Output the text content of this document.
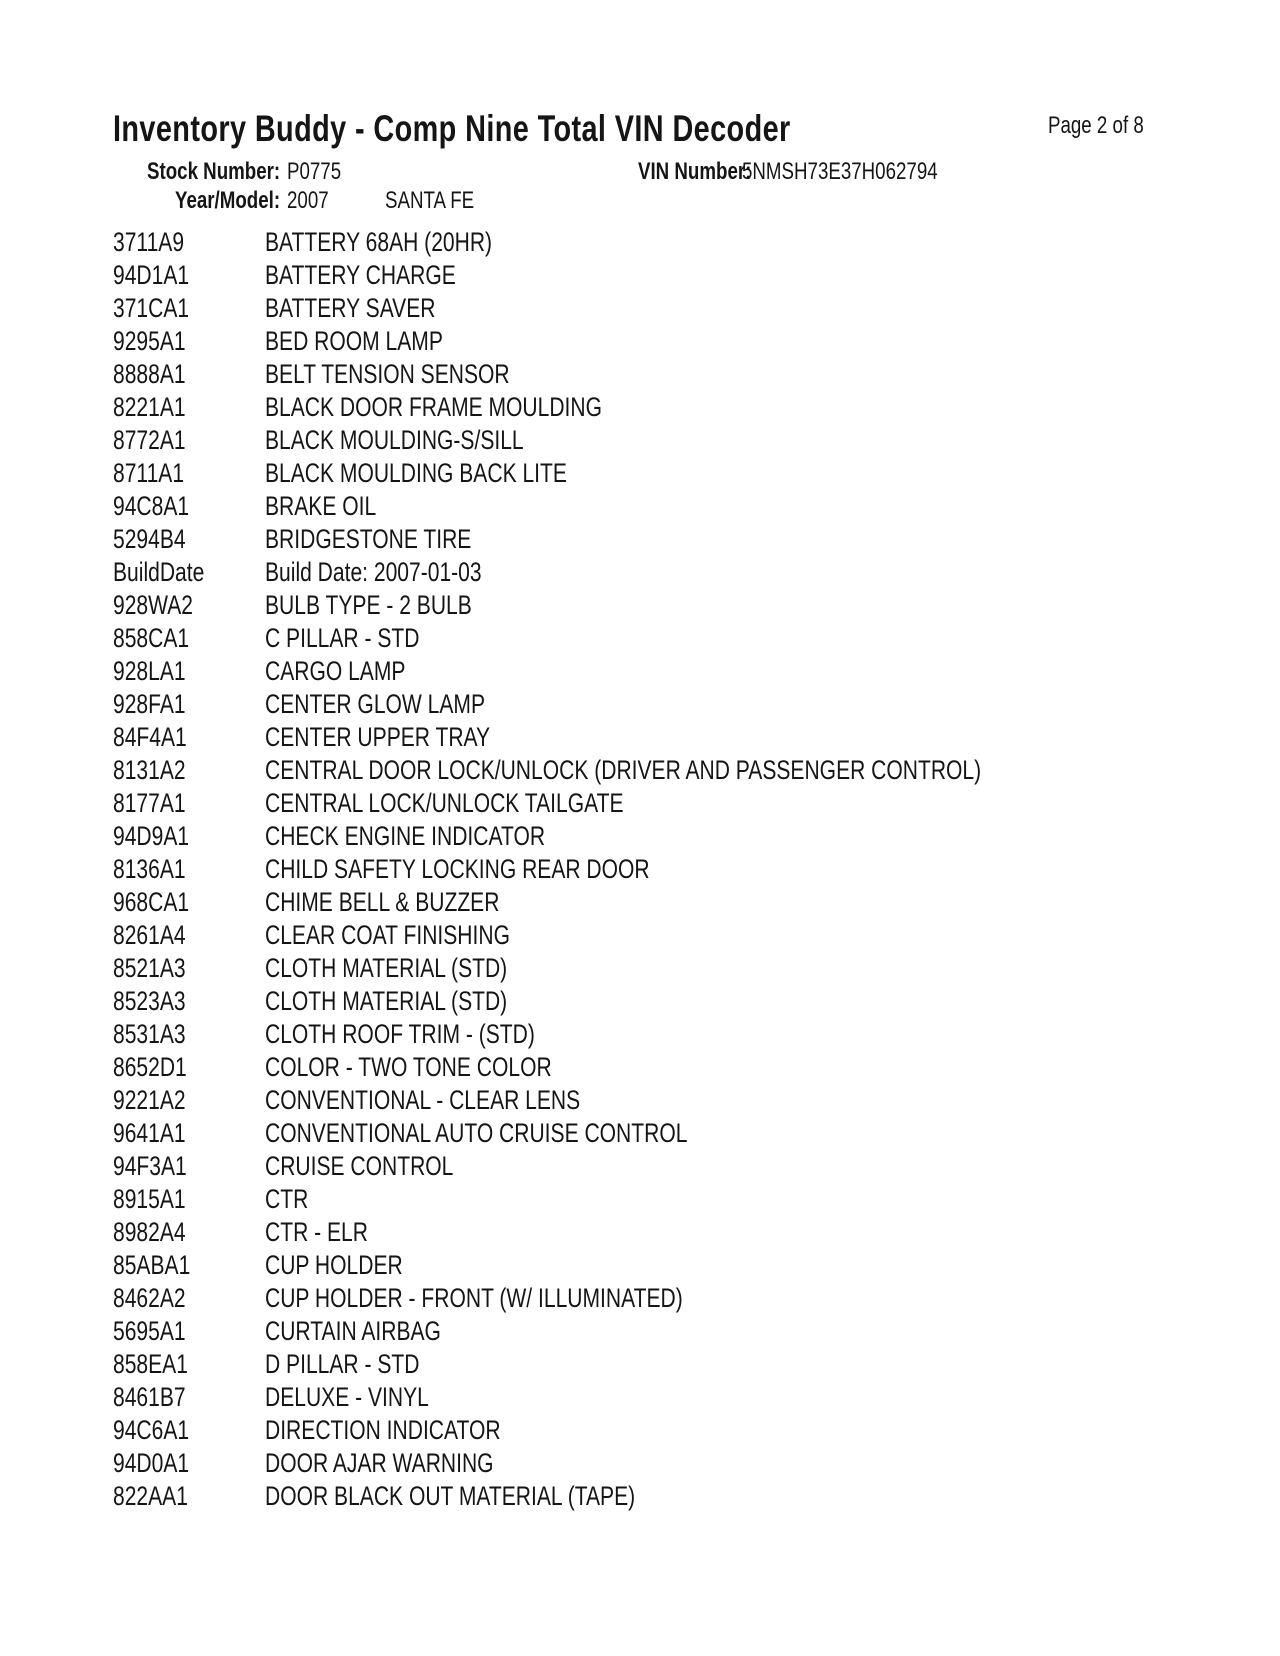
Inventory Buddy - Comp Nine Total VIN Decoder	Page 2 of 8
Stock Number: P0775	VIN Number:
5NMSH73E37H062794
Year/Model: 2007	SANTA FE
3711A9	BATTERY 68AH (20HR)
94D1A1	BATTERY CHARGE
371CA1	BATTERY SAVER
9295A1	BED ROOM LAMP
8888A1	BELT TENSION SENSOR
8221A1	BLACK DOOR FRAME MOULDING
8772A1	BLACK MOULDING-S/SILL
8711A1	BLACK MOULDING BACK LITE
94C8A1	BRAKE OIL
5294B4	BRIDGESTONE TIRE
BuildDate	Build Date: 2007-01-03
928WA2	BULB TYPE - 2 BULB
858CA1	C PILLAR - STD
928LA1	CARGO LAMP
928FA1	CENTER GLOW LAMP
84F4A1	CENTER UPPER TRAY
8131A2	CENTRAL DOOR LOCK/UNLOCK (DRIVER AND PASSENGER CONTROL)
8177A1	CENTRAL LOCK/UNLOCK TAILGATE
94D9A1	CHECK ENGINE INDICATOR
8136A1	CHILD SAFETY LOCKING REAR DOOR
968CA1	CHIME BELL & BUZZER
8261A4	CLEAR COAT FINISHING
8521A3	CLOTH MATERIAL (STD)
8523A3	CLOTH MATERIAL (STD)
8531A3	CLOTH ROOF TRIM - (STD)
8652D1	COLOR - TWO TONE COLOR
9221A2	CONVENTIONAL - CLEAR LENS
9641A1	CONVENTIONAL AUTO CRUISE CONTROL
94F3A1	CRUISE CONTROL
8915A1	CTR
8982A4	CTR - ELR
85ABA1	CUP HOLDER
8462A2	CUP HOLDER - FRONT (W/ ILLUMINATED)
5695A1	CURTAIN AIRBAG
858EA1	D PILLAR - STD
8461B7	DELUXE - VINYL
94C6A1	DIRECTION INDICATOR
94D0A1	DOOR AJAR WARNING
822AA1	DOOR BLACK OUT MATERIAL (TAPE)
